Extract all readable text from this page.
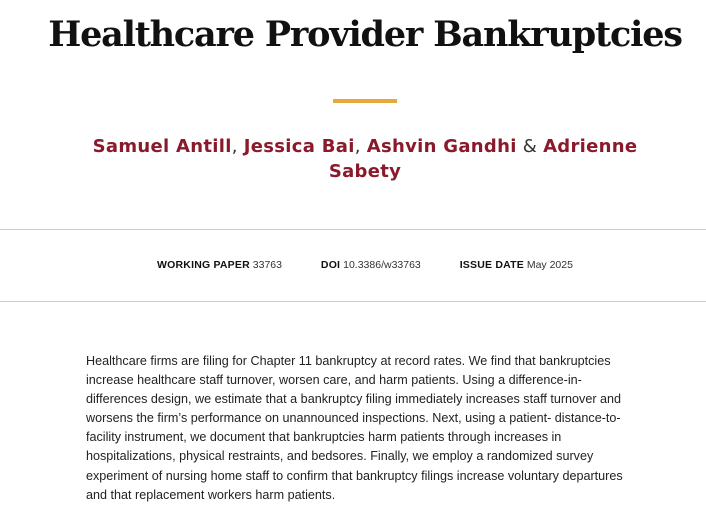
Healthcare Provider Bankruptcies
Samuel Antill, Jessica Bai, Ashvin Gandhi & Adrienne Sabety
WORKING PAPER 33763	DOI 10.3386/w33763	ISSUE DATE May 2025

Healthcare firms are filing for Chapter 11 bankruptcy at record rates. We find that bankruptcies increase healthcare staff turnover, worsen care, and harm patients. Using a difference-in-differences design, we estimate that a bankruptcy filing immediately increases staff turnover and worsens the firm’s performance on unannounced inspections. Next, using a patient- distance-to-facility instrument, we document that bankruptcies harm patients through increases in hospitalizations, physical restraints, and bedsores. Finally, we employ a randomized survey experiment of nursing home staff to confirm that bankruptcy filings increase voluntary departures and that replacement workers harm patients.
